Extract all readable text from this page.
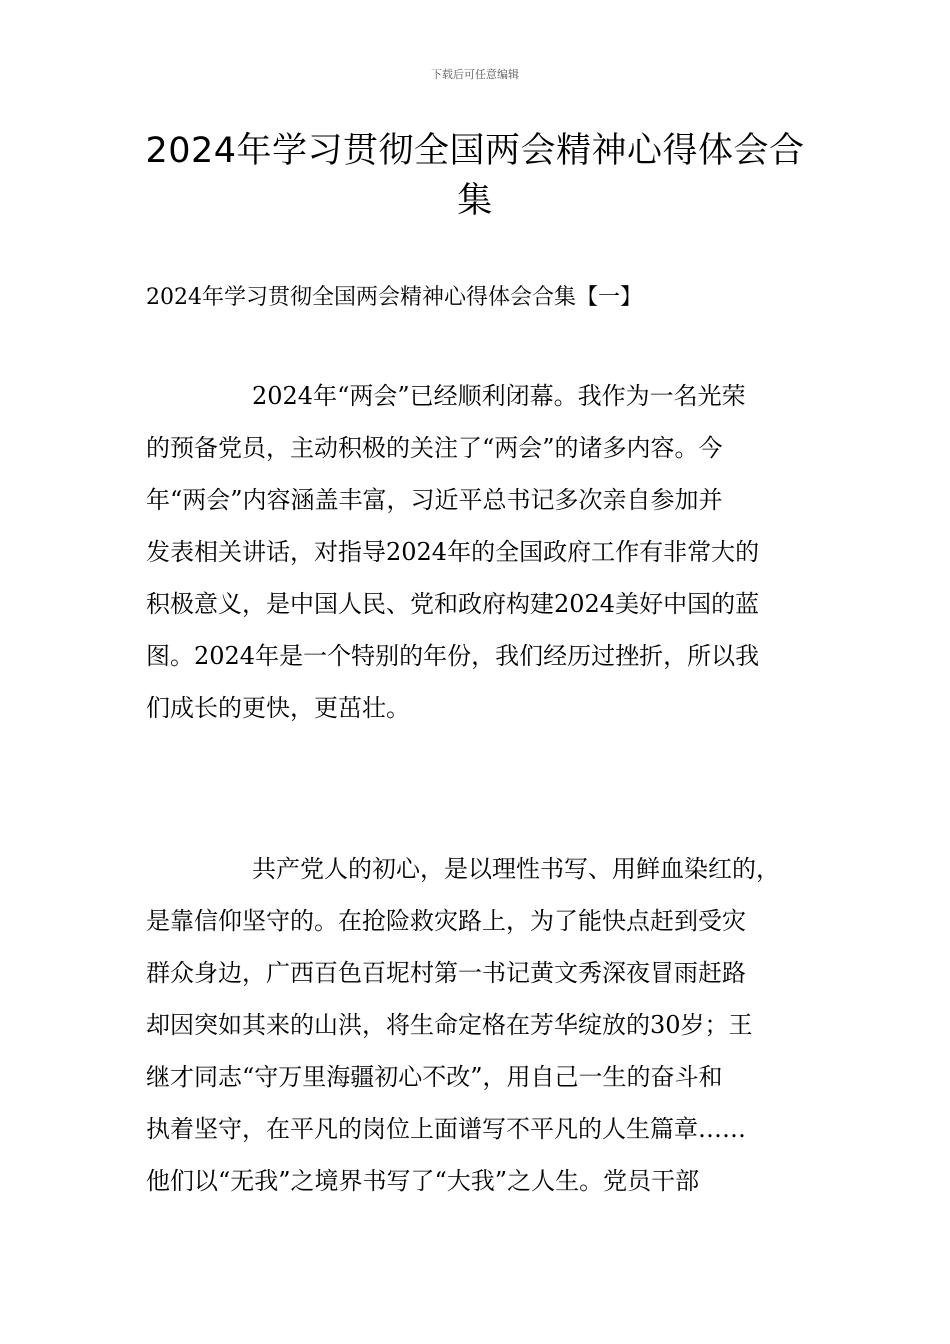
下载后可任意编辑
2024年学习贯彻全国两会精神心得体会合
集
2024年学习贯彻全国两会精神心得体会合集【一】
2024年“两会”已经顺利闭幕。我作为一名光荣
的预备党员，主动积极的关注了“两会”的诸多内容。今
年“两会”内容涵盖丰富，习近平总书记多次亲自参加并
发表相关讲话，对指导2024年的全国政府工作有非常大的
积极意义，是中国人民、党和政府构建2024美好中国的蓝
图。2024年是一个特别的年份，我们经历过挫折，所以我
们成长的更快，更茁壮。
共产党人的初心，是以理性书写、用鲜血染红的，
是靠信仰坚守的。在抢险救灾路上，为了能快点赶到受灾
群众身边，广西百色百坭村第一书记黄文秀深夜冒雨赶路
却因突如其来的山洪，将生命定格在芳华绽放的30岁；王
继才同志“守万里海疆初心不改”，用自己一生的奋斗和
执着坚守，在平凡的岗位上面谱写不平凡的人生篇章……
他们以“无我”之境界书写了“大我”之人生。党员干部
